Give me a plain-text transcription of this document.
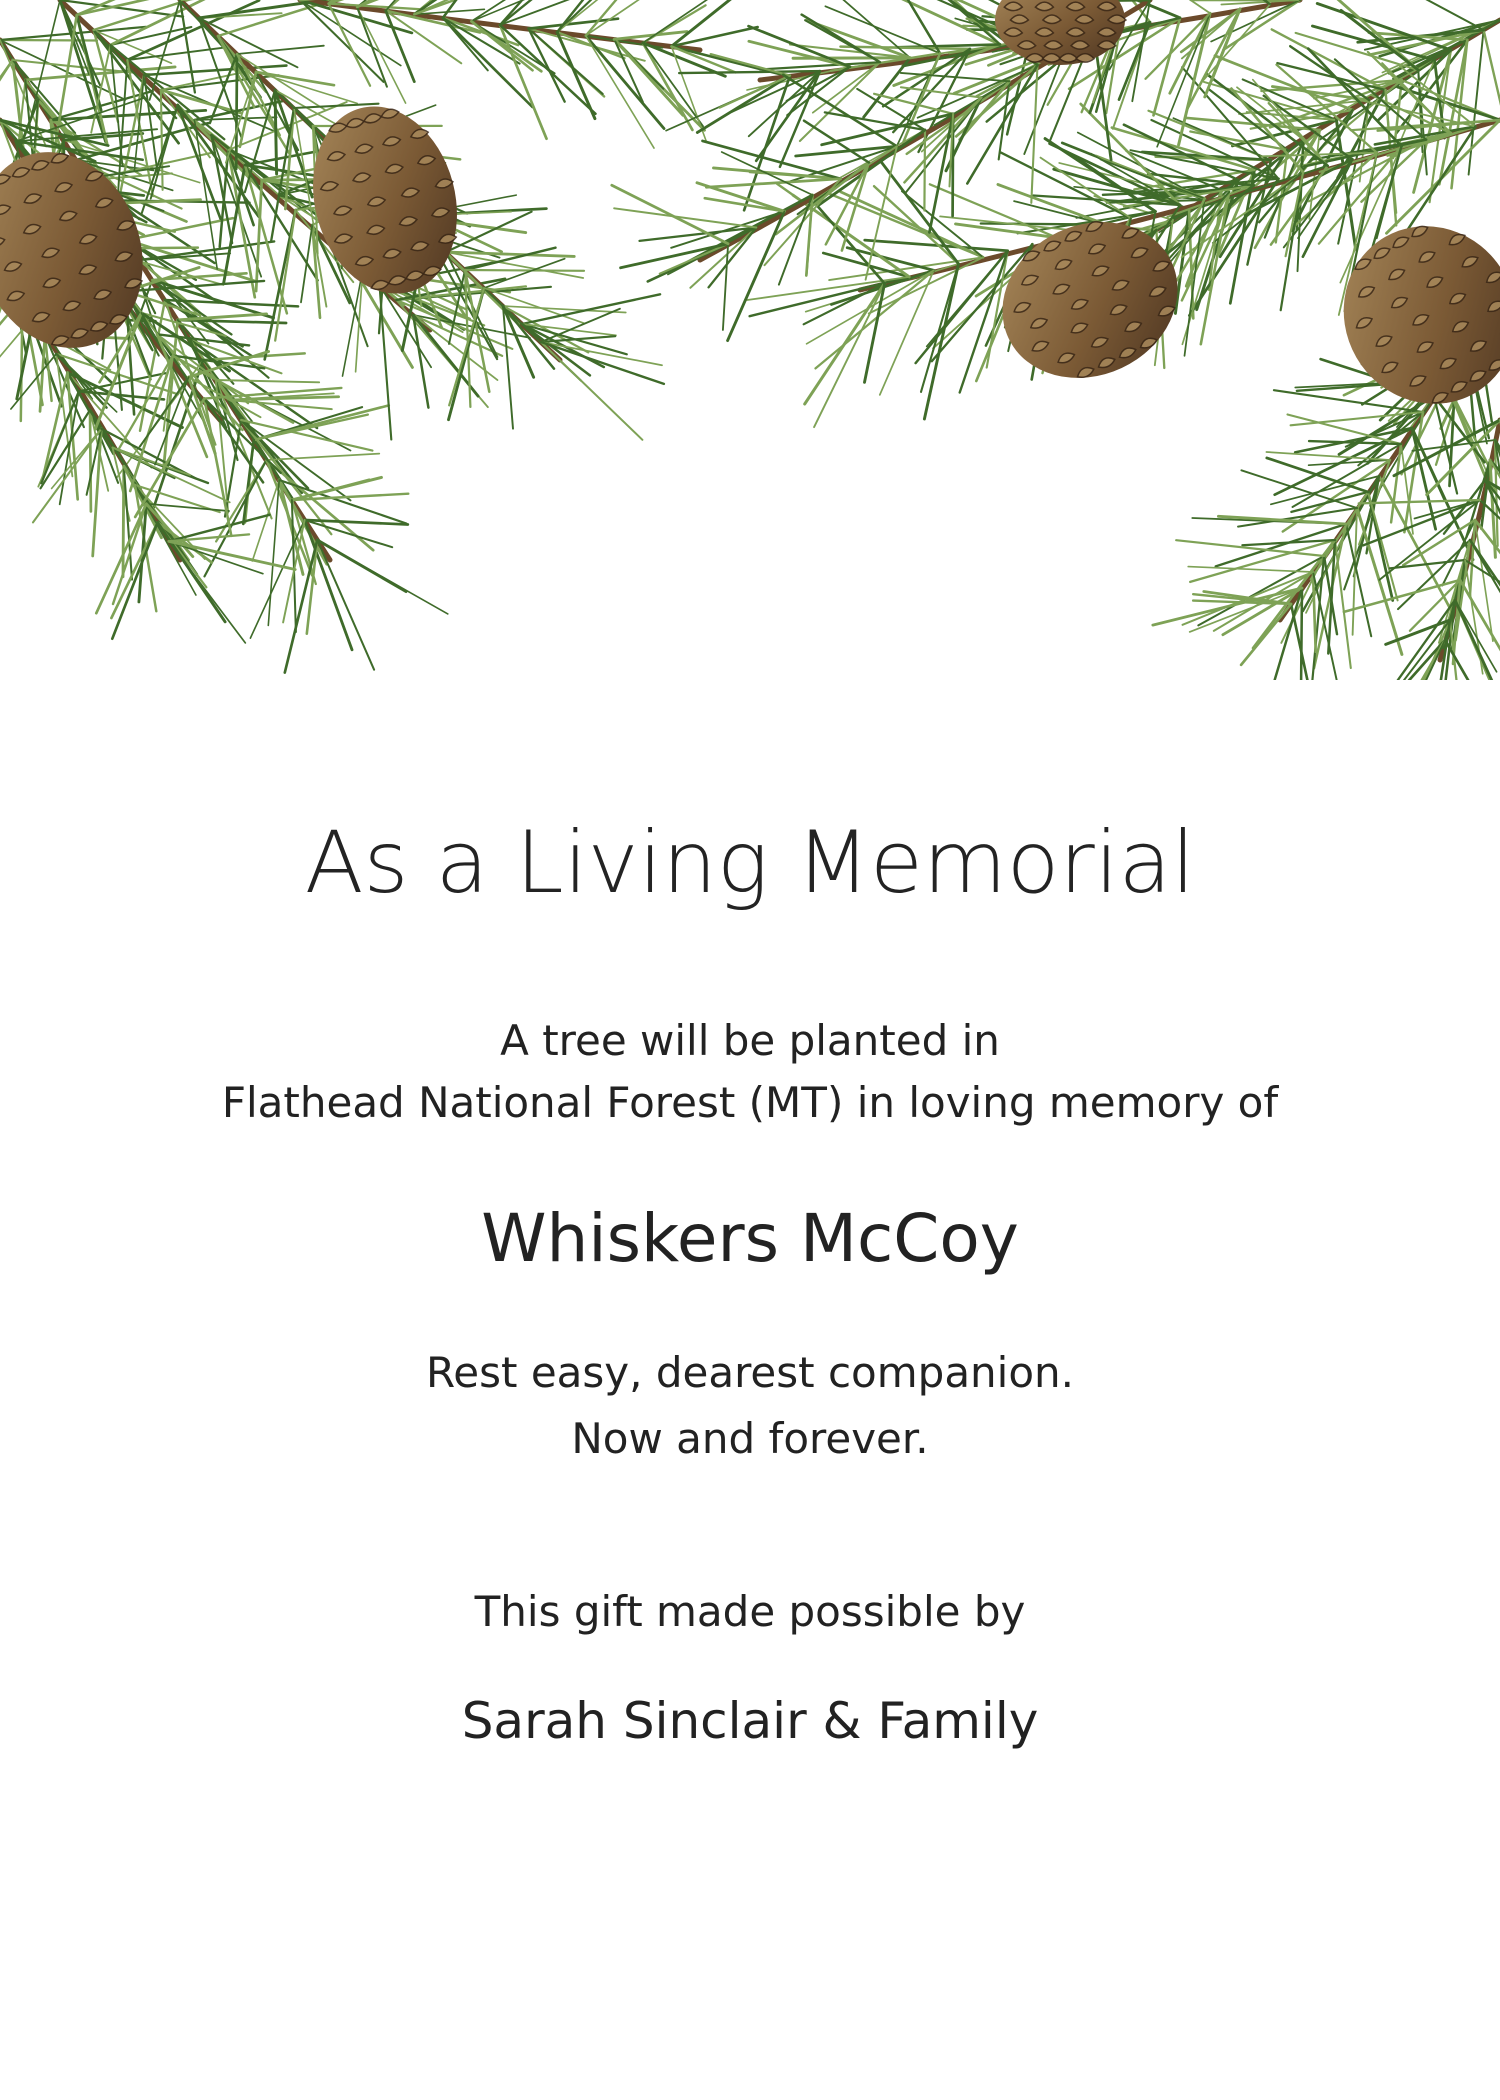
As a Living Memorial
A tree will be planted in
Flathead National Forest (MT) in loving memory of
Whiskers McCoy
Rest easy, dearest companion.
Now and forever.
This gift made possible by
Sarah Sinclair & Family
